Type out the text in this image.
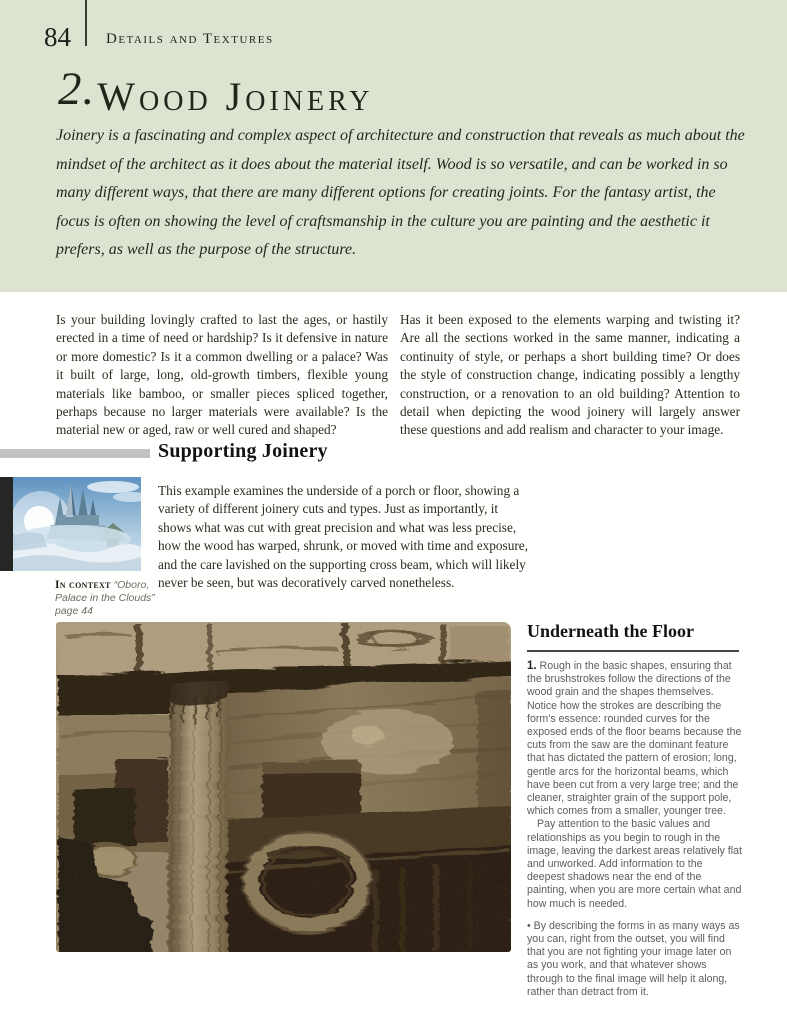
84 Details and Textures
2.Wood Joinery
Joinery is a fascinating and complex aspect of architecture and construction that reveals as much about the mindset of the architect as it does about the material itself. Wood is so versatile, and can be worked in so many different ways, that there are many different options for creating joints. For the fantasy artist, the focus is often on showing the level of craftsmanship in the culture you are painting and the aesthetic it prefers, as well as the purpose of the structure.
Is your building lovingly crafted to last the ages, or hastily erected in a time of need or hardship? Is it defensive in nature or more domestic? Is it a common dwelling or a palace? Was it built of large, long, old-growth timbers, flexible young materials like bamboo, or smaller pieces spliced together, perhaps because no larger materials were available? Is the material new or aged, raw or well cured and shaped?
Has it been exposed to the elements warping and twisting it? Are all the sections worked in the same manner, indicating a continuity of style, or perhaps a short building time? Or does the style of construction change, indicating possibly a lengthy construction, or a renovation to an old building? Attention to detail when depicting the wood joinery will largely answer these questions and add realism and character to your image.
Supporting Joinery
This example examines the underside of a porch or floor, showing a variety of different joinery cuts and types. Just as importantly, it shows what was cut with great precision and what was less precise, how the wood has warped, shrunk, or moved with time and exposure, and the care lavished on the supporting cross beam, which will likely never be seen, but was decoratively carved nonetheless.
In context “Oboro, Palace in the Clouds” page 44
Underneath the Floor

1. Rough in the basic shapes, ensuring that the brushstrokes follow the directions of the wood grain and the shapes themselves. Notice how the strokes are describing the form’s essence: rounded curves for the exposed ends of the floor beams because the cuts from the saw are the dominant feature that has dictated the pattern of erosion; long, gentle arcs for the horizontal beams, which have been cut from a very large tree; and the cleaner, straighter grain of the support pole, which comes from a smaller, younger tree.

Pay attention to the basic values and relationships as you begin to rough in the image, leaving the darkest areas relatively flat and unworked. Add information to the deepest shadows near the end of the painting, when you are more certain what and how much is needed.

• By describing the forms in as many ways as you can, right from the outset, you will find that you are not fighting your image later on as you work, and that whatever shows through to the final image will help it along, rather than detract from it.
